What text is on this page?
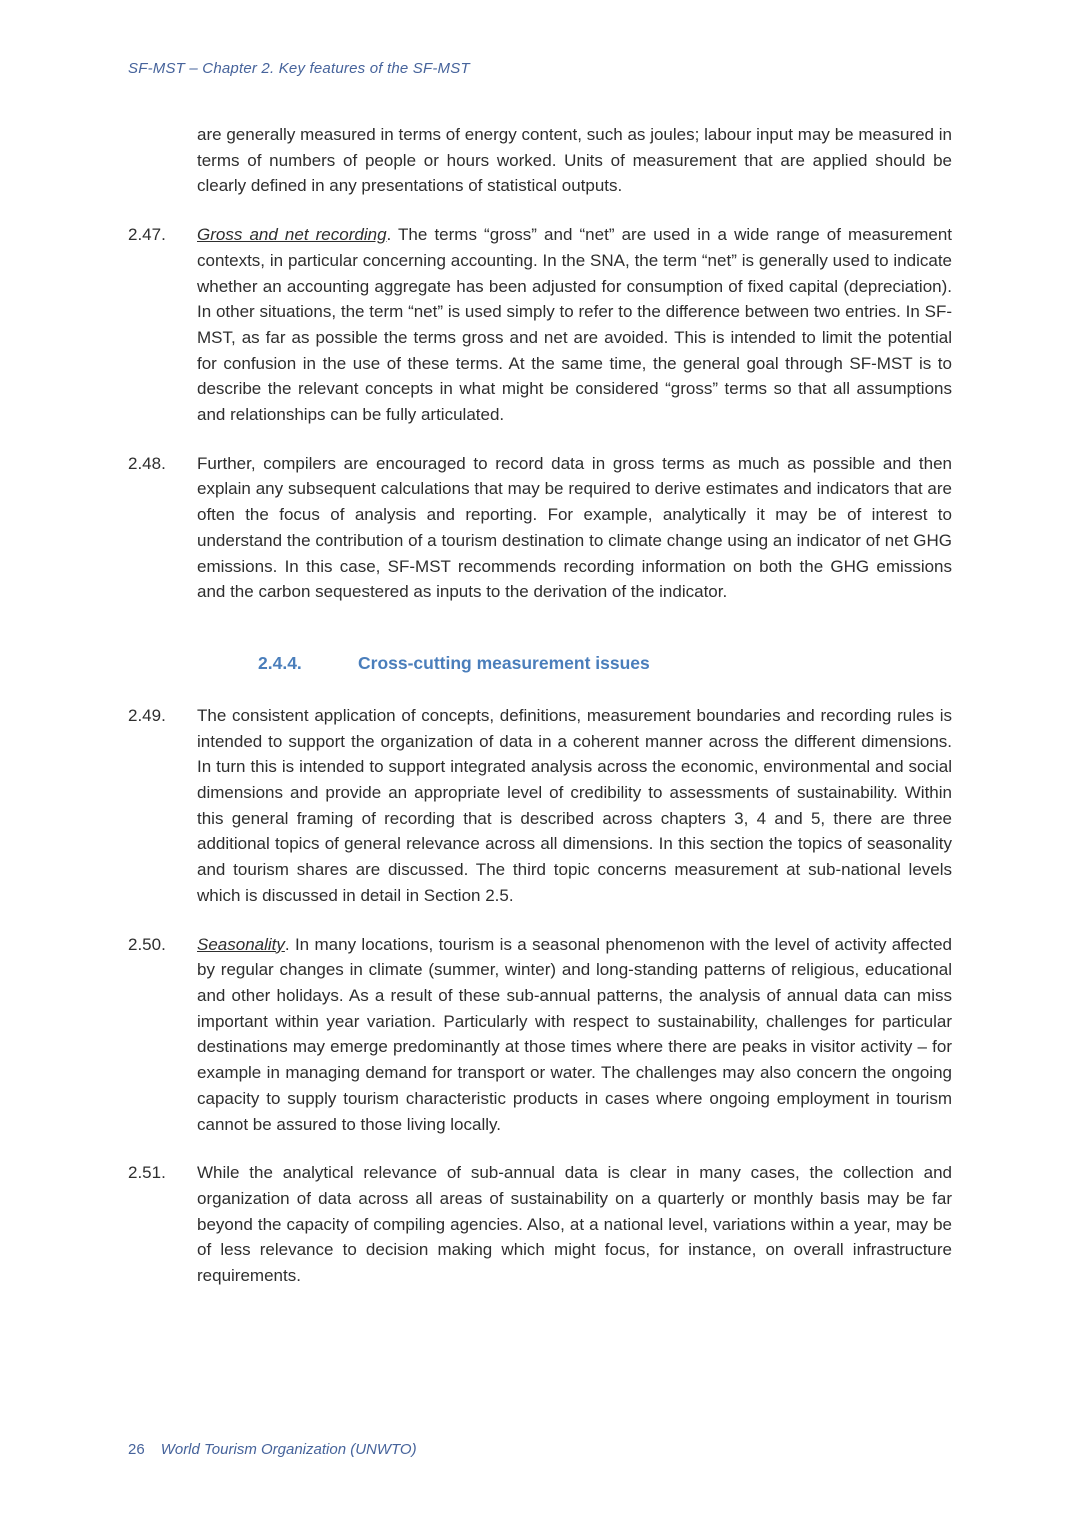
SF-MST – Chapter 2. Key features of the SF-MST
are generally measured in terms of energy content, such as joules; labour input may be measured in terms of numbers of people or hours worked. Units of measurement that are applied should be clearly defined in any presentations of statistical outputs.
2.47.	Gross and net recording. The terms “gross” and “net” are used in a wide range of measurement contexts, in particular concerning accounting. In the SNA, the term “net” is generally used to indicate whether an accounting aggregate has been adjusted for consumption of fixed capital (depreciation). In other situations, the term “net” is used simply to refer to the difference between two entries. In SF-MST, as far as possible the terms gross and net are avoided. This is intended to limit the potential for confusion in the use of these terms. At the same time, the general goal through SF-MST is to describe the relevant concepts in what might be considered “gross” terms so that all assumptions and relationships can be fully articulated.
2.48.	Further, compilers are encouraged to record data in gross terms as much as possible and then explain any subsequent calculations that may be required to derive estimates and indicators that are often the focus of analysis and reporting. For example, analytically it may be of interest to understand the contribution of a tourism destination to climate change using an indicator of net GHG emissions. In this case, SF-MST recommends recording information on both the GHG emissions and the carbon sequestered as inputs to the derivation of the indicator.
2.4.4.	Cross-cutting measurement issues
2.49.	The consistent application of concepts, definitions, measurement boundaries and recording rules is intended to support the organization of data in a coherent manner across the different dimensions. In turn this is intended to support integrated analysis across the economic, environmental and social dimensions and provide an appropriate level of credibility to assessments of sustainability. Within this general framing of recording that is described across chapters 3, 4 and 5, there are three additional topics of general relevance across all dimensions. In this section the topics of seasonality and tourism shares are discussed. The third topic concerns measurement at sub-national levels which is discussed in detail in Section 2.5.
2.50.	Seasonality. In many locations, tourism is a seasonal phenomenon with the level of activity affected by regular changes in climate (summer, winter) and long-standing patterns of religious, educational and other holidays. As a result of these sub-annual patterns, the analysis of annual data can miss important within year variation. Particularly with respect to sustainability, challenges for particular destinations may emerge predominantly at those times where there are peaks in visitor activity – for example in managing demand for transport or water. The challenges may also concern the ongoing capacity to supply tourism characteristic products in cases where ongoing employment in tourism cannot be assured to those living locally.
2.51.	While the analytical relevance of sub-annual data is clear in many cases, the collection and organization of data across all areas of sustainability on a quarterly or monthly basis may be far beyond the capacity of compiling agencies. Also, at a national level, variations within a year, may be of less relevance to decision making which might focus, for instance, on overall infrastructure requirements.
26 World Tourism Organization (UNWTO)
